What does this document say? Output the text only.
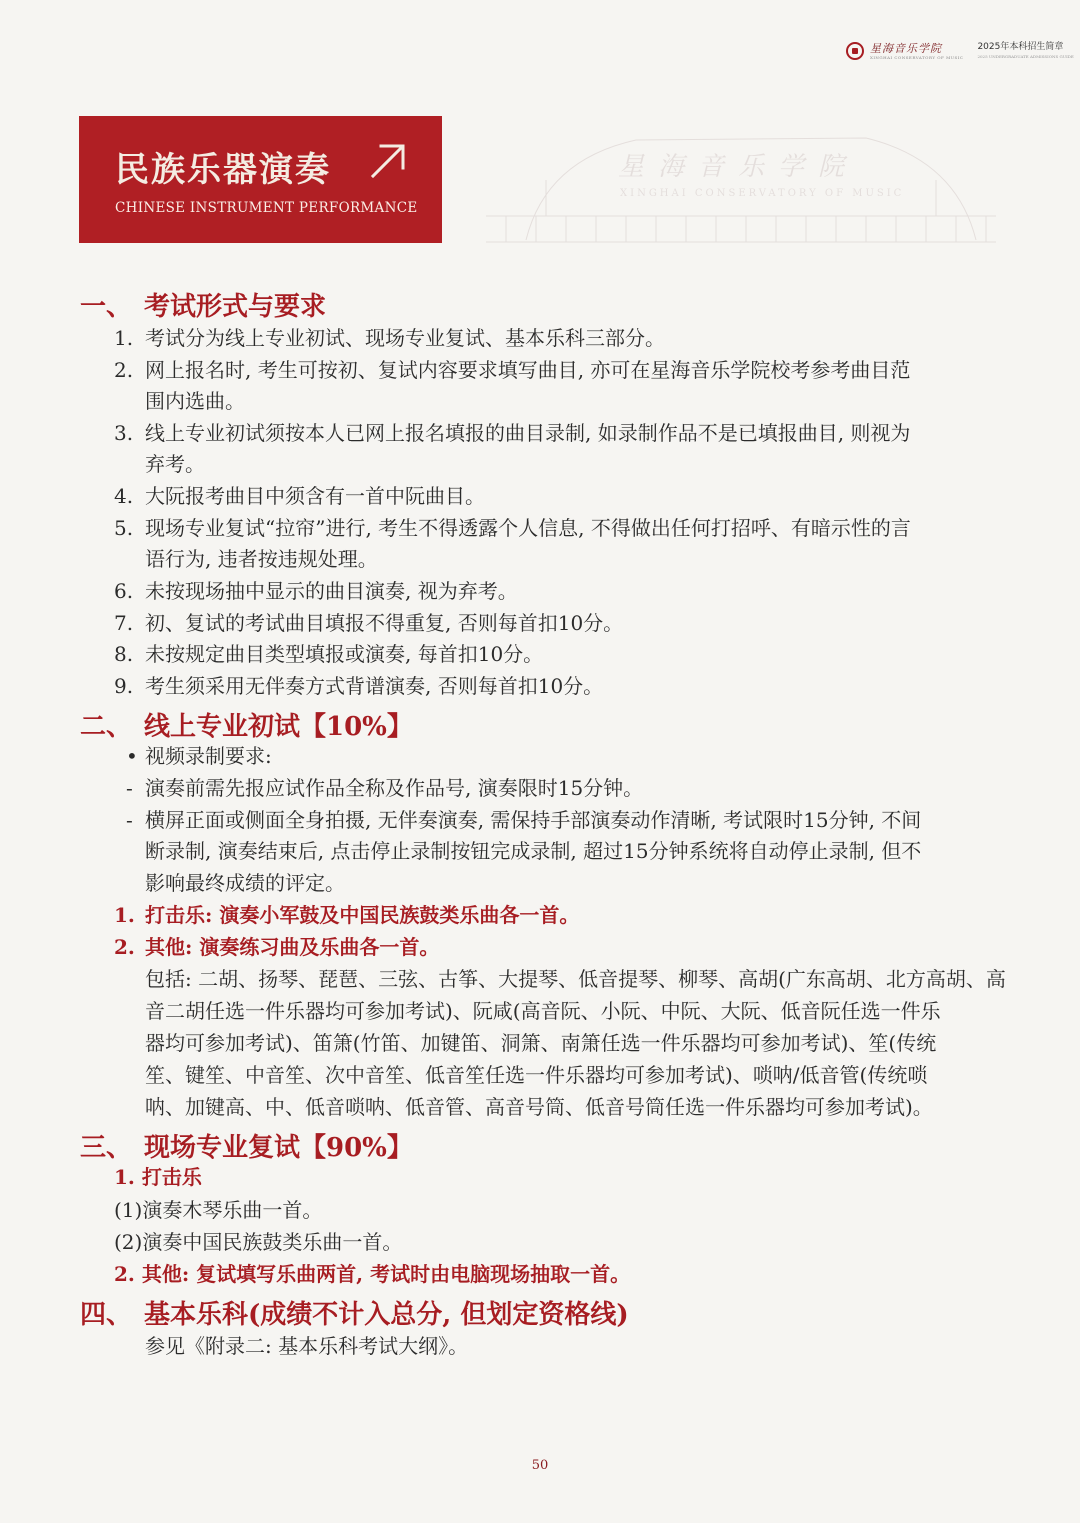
星海音乐学院
XINGHAI CONSERVATORY OF MUSIC
2025年本科招生简章
2025 UNDERGRADUATE ADMISSIONS GUIDE
星海音乐学院
XINGHAI CONSERVATORY OF MUSIC
民族乐器演奏
CHINESE INSTRUMENT PERFORMANCE
一、 考试形式与要求
1. 考试分为线上专业初试、现场专业复试、基本乐科三部分。
2. 网上报名时, 考生可按初、复试内容要求填写曲目, 亦可在星海音乐学院校考参考曲目范
围内选曲。
3. 线上专业初试须按本人已网上报名填报的曲目录制, 如录制作品不是已填报曲目, 则视为
弃考。
4. 大阮报考曲目中须含有一首中阮曲目。
5. 现场专业复试“拉帘”进行, 考生不得透露个人信息, 不得做出任何打招呼、有暗示性的言
语行为, 违者按违规处理。
6. 未按现场抽中显示的曲目演奏, 视为弃考。
7. 初、复试的考试曲目填报不得重复, 否则每首扣10分。
8. 未按规定曲目类型填报或演奏, 每首扣10分。
9. 考生须采用无伴奏方式背谱演奏, 否则每首扣10分。
二、 线上专业初试【10%】
• 视频录制要求:
- 演奏前需先报应试作品全称及作品号, 演奏限时15分钟。
- 横屏正面或侧面全身拍摄, 无伴奏演奏, 需保持手部演奏动作清晰, 考试限时15分钟, 不间
断录制, 演奏结束后, 点击停止录制按钮完成录制, 超过15分钟系统将自动停止录制, 但不
影响最终成绩的评定。
1. 打击乐: 演奏小军鼓及中国民族鼓类乐曲各一首。
2. 其他: 演奏练习曲及乐曲各一首。
包括: 二胡、扬琴、琵琶、三弦、古筝、大提琴、低音提琴、柳琴、高胡(广东高胡、北方高胡、高
音二胡任选一件乐器均可参加考试)、阮咸(高音阮、小阮、中阮、大阮、低音阮任选一件乐
器均可参加考试)、笛箫(竹笛、加键笛、洞箫、南箫任选一件乐器均可参加考试)、笙(传统
笙、键笙、中音笙、次中音笙、低音笙任选一件乐器均可参加考试)、唢呐/低音管(传统唢
呐、加键高、中、低音唢呐、低音管、高音号筒、低音号筒任选一件乐器均可参加考试)。
三、 现场专业复试【90%】
1. 打击乐
(1)演奏木琴乐曲一首。
(2)演奏中国民族鼓类乐曲一首。
2. 其他: 复试填写乐曲两首, 考试时由电脑现场抽取一首。
四、 基本乐科(成绩不计入总分, 但划定资格线)
参见《附录二: 基本乐科考试大纲》。
50
